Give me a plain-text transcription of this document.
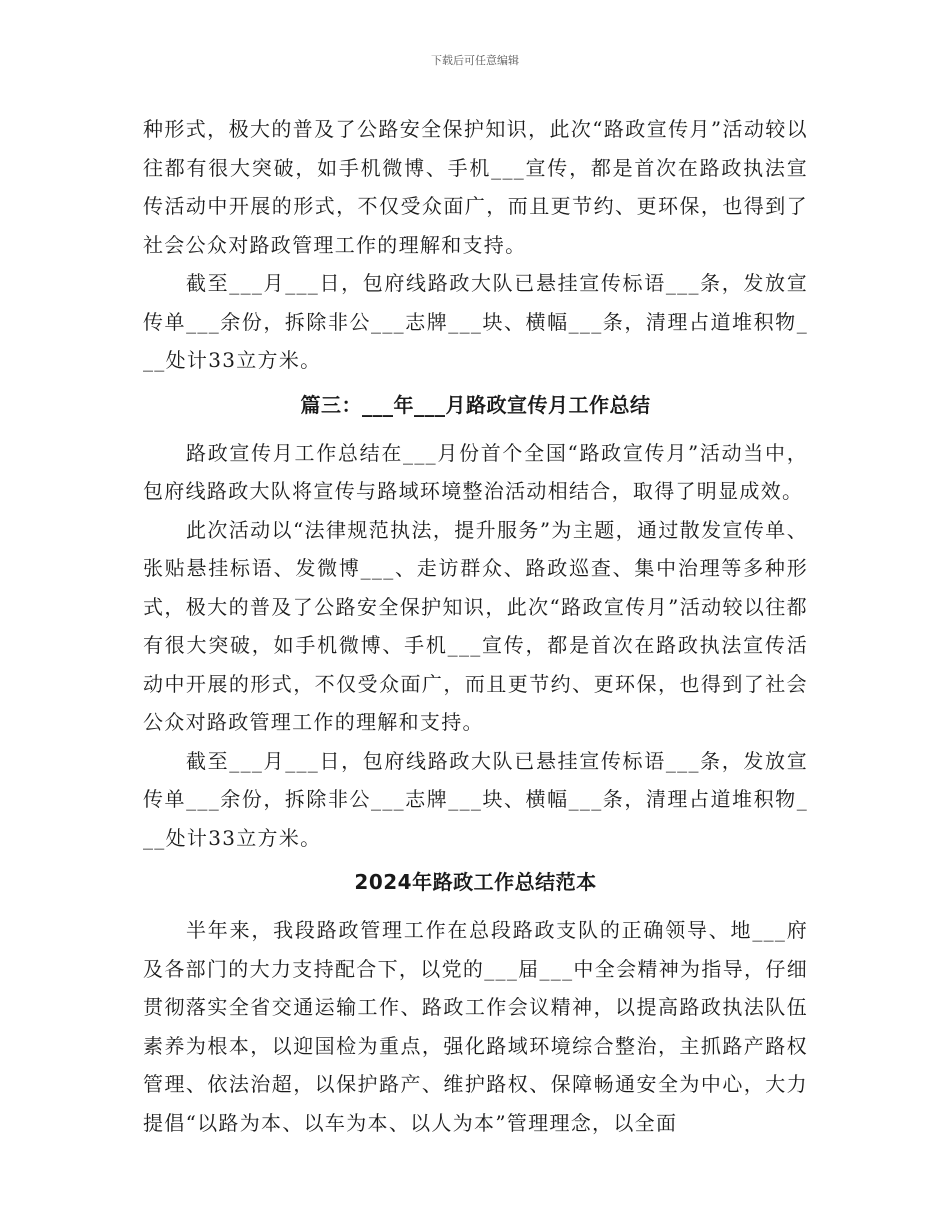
下载后可任意编辑

种形式，极大的普及了公路安全保护知识，此次“路政宣传月”活动较以往都有很大突破，如手机微博、手机___宣传，都是首次在路政执法宣传活动中开展的形式，不仅受众面广，而且更节约、更环保，也得到了社会公众对路政管理工作的理解和支持。

截至___月___日，包府线路政大队已悬挂宣传标语___条，发放宣传单___余份，拆除非公___志牌___块、横幅___条，清理占道堆积物___处计33立方米。

篇三：___年___月路政宣传月工作总结

路政宣传月工作总结在___月份首个全国“路政宣传月”活动当中，包府线路政大队将宣传与路域环境整治活动相结合，取得了明显成效。

此次活动以“法律规范执法，提升服务”为主题，通过散发宣传单、张贴悬挂标语、发微博___、走访群众、路政巡查、集中治理等多种形式，极大的普及了公路安全保护知识，此次“路政宣传月”活动较以往都有很大突破，如手机微博、手机___宣传，都是首次在路政执法宣传活动中开展的形式，不仅受众面广，而且更节约、更环保，也得到了社会公众对路政管理工作的理解和支持。

截至___月___日，包府线路政大队已悬挂宣传标语___条，发放宣传单___余份，拆除非公___志牌___块、横幅___条，清理占道堆积物___处计33立方米。

2024年路政工作总结范本

半年来，我段路政管理工作在总段路政支队的正确领导、地___府及各部门的大力支持配合下，以党的___届___中全会精神为指导，仔细贯彻落实全省交通运输工作、路政工作会议精神，以提高路政执法队伍素养为根本，以迎国检为重点，强化路域环境综合整治，主抓路产路权管理、依法治超，以保护路产、维护路权、保障畅通安全为中心，大力提倡“以路为本、以车为本、以人为本”管理理念，以全面
